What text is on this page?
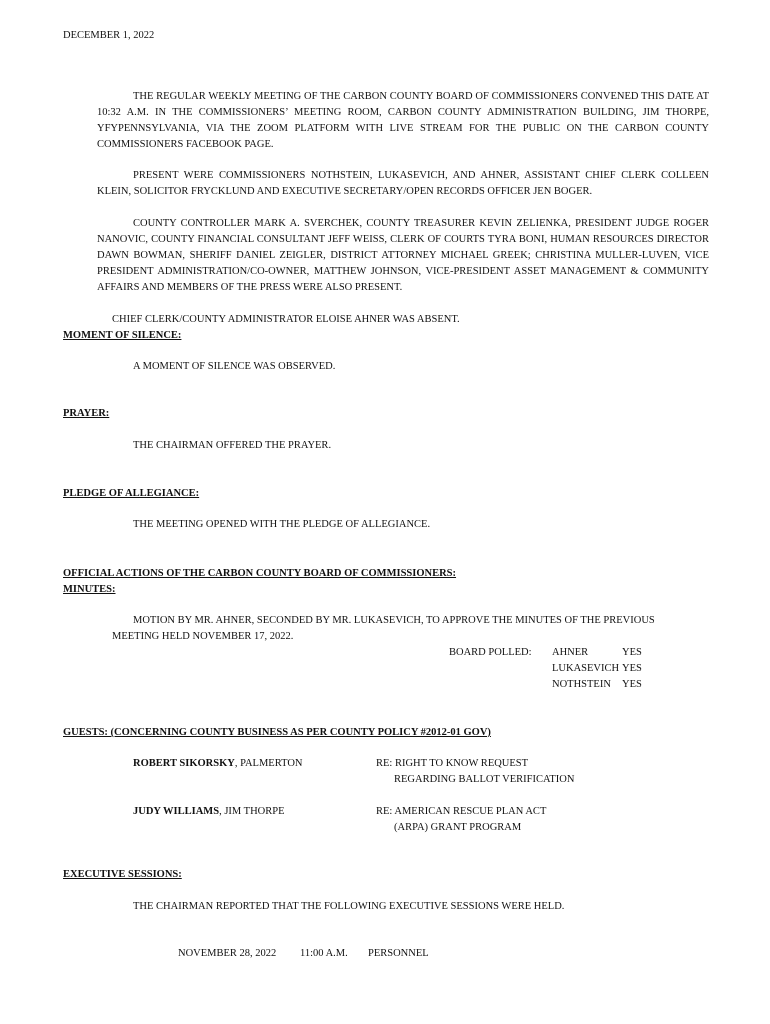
DECEMBER 1, 2022
THE REGULAR WEEKLY MEETING OF THE CARBON COUNTY BOARD OF COMMISSIONERS CONVENED THIS DATE AT 10:32 A.M. IN THE COMMISSIONERS’ MEETING ROOM, CARBON COUNTY ADMINISTRATION BUILDING, JIM THORPE, YFYPENNSYLVANIA, VIA THE ZOOM PLATFORM WITH LIVE STREAM FOR THE PUBLIC ON THE CARBON COUNTY COMMISSIONERS FACEBOOK PAGE.
PRESENT WERE COMMISSIONERS NOTHSTEIN, LUKASEVICH, AND AHNER, ASSISTANT CHIEF CLERK COLLEEN KLEIN, SOLICITOR FRYCKLUND AND EXECUTIVE SECRETARY/OPEN RECORDS OFFICER JEN BOGER.
COUNTY CONTROLLER MARK A. SVERCHEK, COUNTY TREASURER KEVIN ZELIENKA, PRESIDENT JUDGE ROGER NANOVIC, COUNTY FINANCIAL CONSULTANT JEFF WEISS, CLERK OF COURTS TYRA BONI, HUMAN RESOURCES DIRECTOR DAWN BOWMAN, SHERIFF DANIEL ZEIGLER, DISTRICT ATTORNEY MICHAEL GREEK; CHRISTINA MULLER-LUVEN, VICE PRESIDENT ADMINISTRATION/CO-OWNER, MATTHEW JOHNSON, VICE-PRESIDENT ASSET MANAGEMENT & COMMUNITY AFFAIRS AND MEMBERS OF THE PRESS WERE ALSO PRESENT.
CHIEF CLERK/COUNTY ADMINISTRATOR ELOISE AHNER WAS ABSENT.
MOMENT OF SILENCE:
A MOMENT OF SILENCE WAS OBSERVED.
PRAYER:
THE CHAIRMAN OFFERED THE PRAYER.
PLEDGE OF ALLEGIANCE:
THE MEETING OPENED WITH THE PLEDGE OF ALLEGIANCE.
OFFICIAL ACTIONS OF THE CARBON COUNTY BOARD OF COMMISSIONERS:
MINUTES:
MOTION BY MR. AHNER, SECONDED BY MR. LUKASEVICH, TO APPROVE THE MINUTES OF THE PREVIOUS
MEETING HELD NOVEMBER 17, 2022.
BOARD POLLED: AHNER	YES
LUKASEVICH YES
NOTHSTEIN YES
GUESTS: (CONCERNING COUNTY BUSINESS AS PER COUNTY POLICY #2012-01 GOV)
ROBERT SIKORSKY, PALMERTON	RE: RIGHT TO KNOW REQUEST
REGARDING BALLOT VERIFICATION
JUDY WILLIAMS, JIM THORPE	RE: AMERICAN RESCUE PLAN ACT
(ARPA) GRANT PROGRAM
EXECUTIVE SESSIONS:
THE CHAIRMAN REPORTED THAT THE FOLLOWING EXECUTIVE SESSIONS WERE HELD.
NOVEMBER 28, 2022 11:00 A.M. PERSONNEL
